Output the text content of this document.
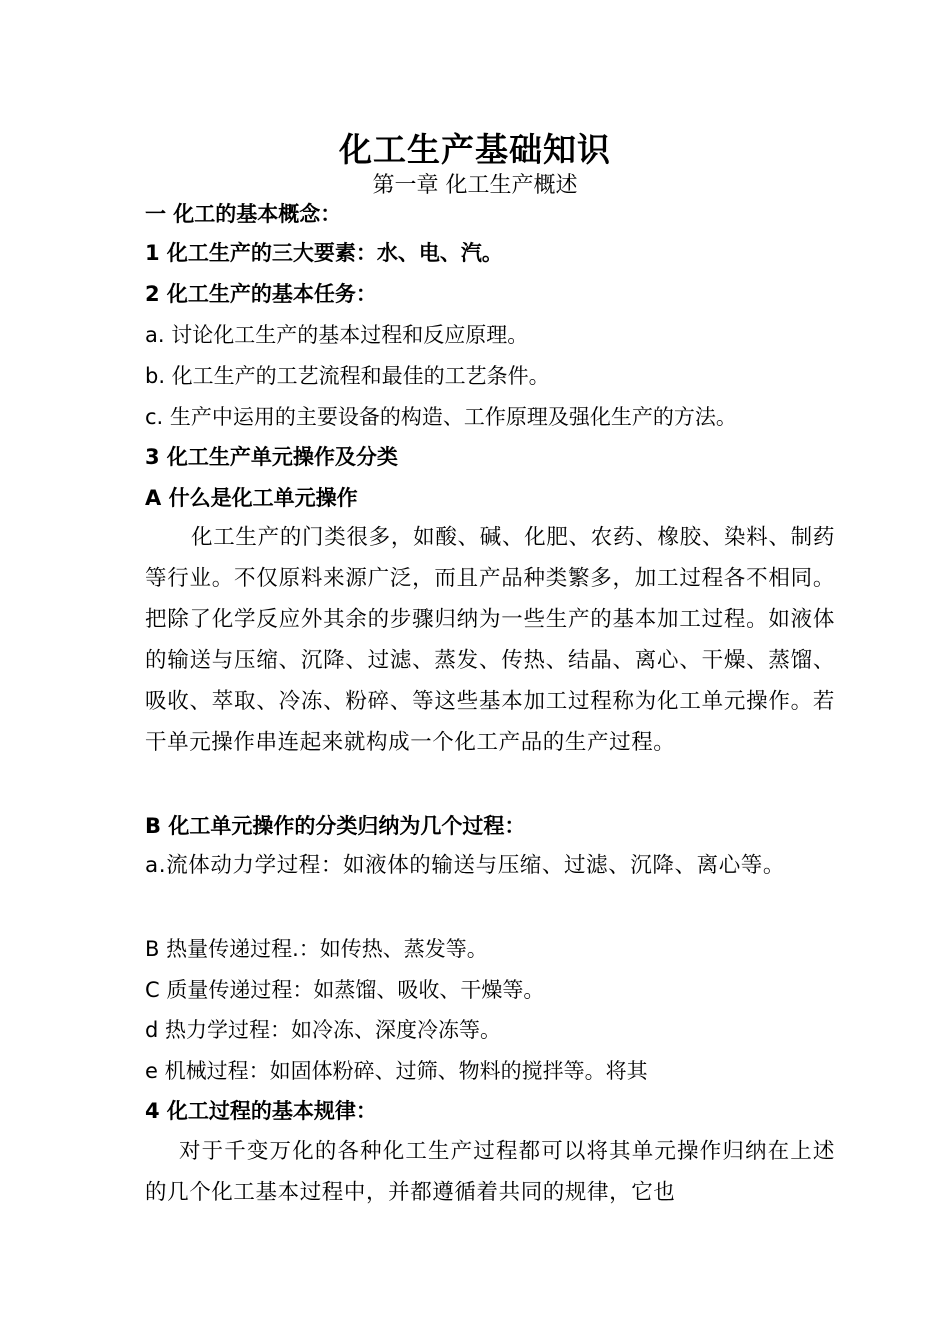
化工生产基础知识
第一章 化工生产概述
一 化工的基本概念：
1 化工生产的三大要素：水、电、汽。
2 化工生产的基本任务：
a. 讨论化工生产的基本过程和反应原理。
b. 化工生产的工艺流程和最佳的工艺条件。
c. 生产中运用的主要设备的构造、工作原理及强化生产的方法。
3 化工生产单元操作及分类
A 什么是化工单元操作
化工生产的门类很多，如酸、碱、化肥、农药、橡胶、染料、制药等行业。不仅原料来源广泛，而且产品种类繁多，加工过程各不相同。把除了化学反应外其余的步骤归纳为一些生产的基本加工过程。如液体的输送与压缩、沉降、过滤、蒸发、传热、结晶、离心、干燥、蒸馏、吸收、萃取、冷冻、粉碎、等这些基本加工过程称为化工单元操作。若干单元操作串连起来就构成一个化工产品的生产过程。
B 化工单元操作的分类归纳为几个过程：
a.流体动力学过程：如液体的输送与压缩、过滤、沉降、离心等。
B 热量传递过程.：如传热、蒸发等。
C 质量传递过程：如蒸馏、吸收、干燥等。
d 热力学过程：如冷冻、深度冷冻等。
e 机械过程：如固体粉碎、过筛、物料的搅拌等。将其
4 化工过程的基本规律：
对于千变万化的各种化工生产过程都可以将其单元操作归纳在上述的几个化工基本过程中，并都遵循着共同的规律，它也
